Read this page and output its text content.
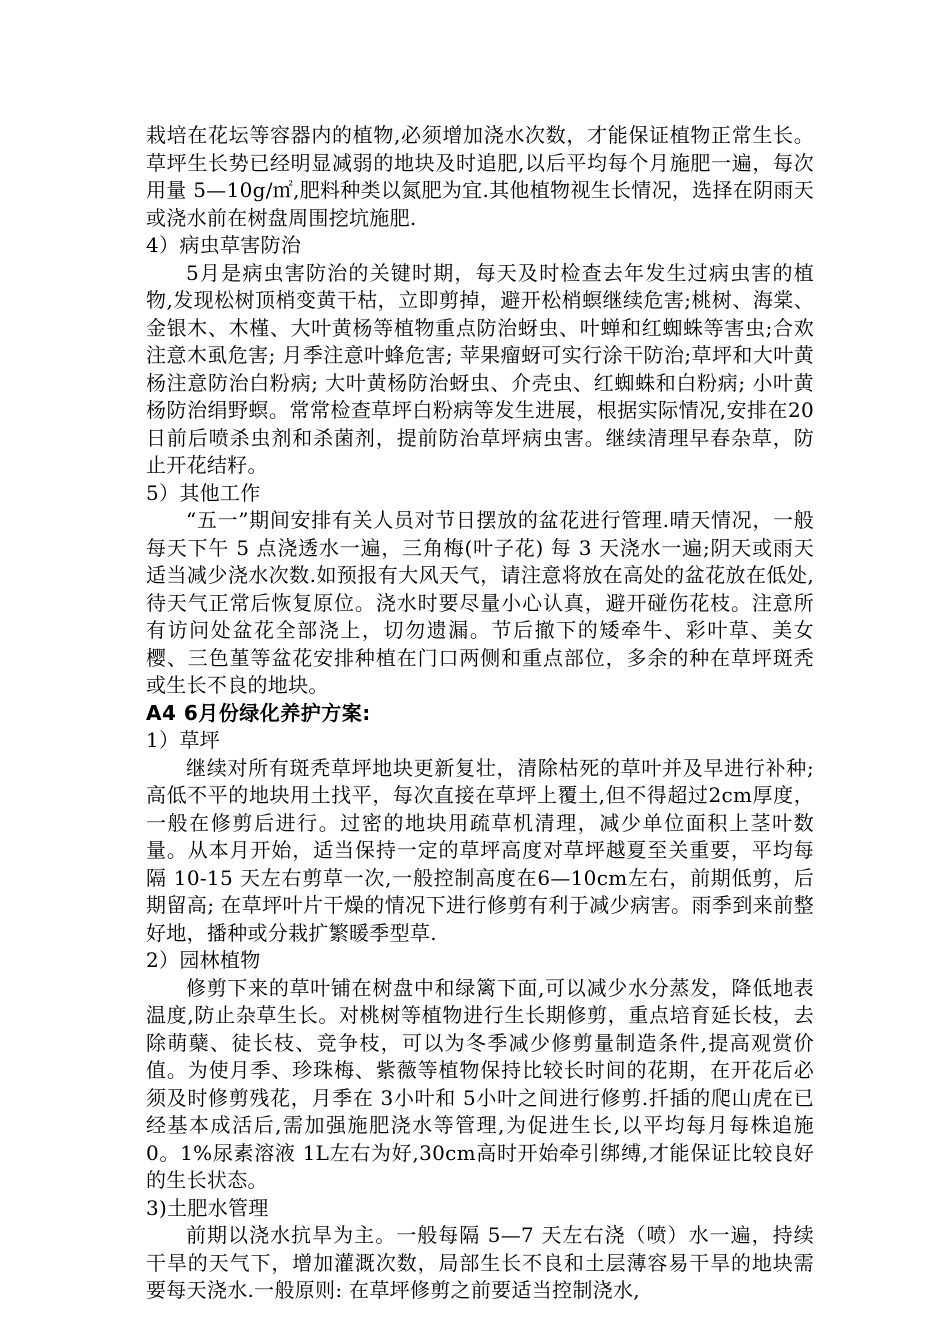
栽培在花坛等容器内的植物,必须增加浇水次数，才能保证植物正常生长。草坪生长势已经明显减弱的地块及时追肥,以后平均每个月施肥一遍，每次用量 5—10g/㎡,肥料种类以氮肥为宜.其他植物视生长情况，选择在阴雨天或浇水前在树盘周围挖坑施肥.

4）病虫草害防治

5月是病虫害防治的关键时期，每天及时检查去年发生过病虫害的植物,发现松树顶梢变黄干枯，立即剪掉，避开松梢螟继续危害;桃树、海棠、金银木、木槿、大叶黄杨等植物重点防治蚜虫、叶蝉和红蜘蛛等害虫;合欢注意木虱危害; 月季注意叶蜂危害; 苹果瘤蚜可实行涂干防治;草坪和大叶黄杨注意防治白粉病; 大叶黄杨防治蚜虫、介壳虫、红蜘蛛和白粉病; 小叶黄杨防治绢野螟。常常检查草坪白粉病等发生进展，根据实际情况,安排在20日前后喷杀虫剂和杀菌剂，提前防治草坪病虫害。继续清理早春杂草，防止开花结籽。

5）其他工作

“五一”期间安排有关人员对节日摆放的盆花进行管理.晴天情况，一般每天下午 5 点浇透水一遍，三角梅(叶子花) 每 3 天浇水一遍;阴天或雨天适当减少浇水次数.如预报有大风天气，请注意将放在高处的盆花放在低处,待天气正常后恢复原位。浇水时要尽量小心认真，避开碰伤花枝。注意所有访问处盆花全部浇上，切勿遗漏。节后撤下的矮牵牛、彩叶草、美女樱、三色堇等盆花安排种植在门口两侧和重点部位，多余的种在草坪斑秃或生长不良的地块。

A4 6月份绿化养护方案:

1）草坪

继续对所有斑秃草坪地块更新复壮，清除枯死的草叶并及早进行补种; 高低不平的地块用土找平，每次直接在草坪上覆土,但不得超过2cm厚度，一般在修剪后进行。过密的地块用疏草机清理，减少单位面积上茎叶数量。从本月开始，适当保持一定的草坪高度对草坪越夏至关重要，平均每隔 10-15 天左右剪草一次,一般控制高度在6—10cm左右，前期低剪，后期留高; 在草坪叶片干燥的情况下进行修剪有利于减少病害。雨季到来前整好地，播种或分栽扩繁暖季型草.

2）园林植物

修剪下来的草叶铺在树盘中和绿篱下面,可以减少水分蒸发，降低地表温度,防止杂草生长。对桃树等植物进行生长期修剪，重点培育延长枝，去除萌蘖、徒长枝、竞争枝，可以为冬季减少修剪量制造条件,提高观赏价值。为使月季、珍珠梅、紫薇等植物保持比较长时间的花期，在开花后必须及时修剪残花，月季在 3小叶和 5小叶之间进行修剪.扦插的爬山虎在已经基本成活后,需加强施肥浇水等管理,为促进生长,以平均每月每株追施 0。1%尿素溶液 1L左右为好,30cm高时开始牵引绑缚,才能保证比较良好的生长状态。

3)土肥水管理

前期以浇水抗旱为主。一般每隔 5—7 天左右浇（喷）水一遍，持续干旱的天气下，增加灌溉次数，局部生长不良和土层薄容易干旱的地块需要每天浇水.一般原则: 在草坪修剪之前要适当控制浇水,
